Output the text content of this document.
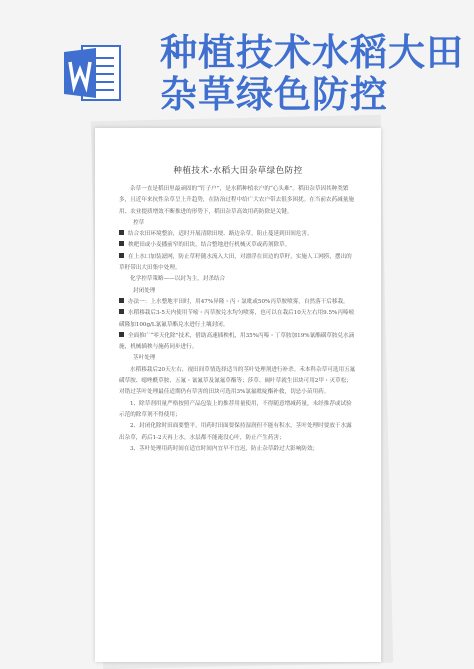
种植技术水稻大田
杂草绿色防控
种植技术-水稻大田杂草绿色防控

杂草一直是稻田里最顽固的“钉子户”，是水稻种植农户的“心头难”。稻田杂草因其种类繁多，且近年来抗性杂草呈上升趋势，在防治过程中给广大农户带去很多困扰。在当前农药减量施用、农业提质增效不断推进的形势下，稻田杂草高效用药防除是关键。

控草

结合农田环境整治，适时开展清除田埂、路边杂草，阻止蔓延到田间危害。

秧耙田或小麦播前窄的田块，结合整地进行机械灭草或药剂除草。

在上水口加装滤网，防止草籽随水流入大田，对漂浮在田边的草籽，实施人工网捞，摆出的草籽带出大田集中处理。

化学控草策略——以封为主，封杀结合

封闭处理

办法一：上水整地平田时，用47%异隆・丙・氯吡或50%丙草胺喷雾，自然落干后移栽。

水稻移栽后3-5天内使用苄嘧・丙草胺兑水均匀喷雾，也可以在栽后10天左右用9.5%丙嗪嘧磺隆加100g/L氰氟草酯兑水进行土壤封闭。

全面推广“零天化除”技术，借助高速插秧机，用35%丙嗪・丁草胺加19%氰酯磺草胺兑水滴施，机械插秧与施药同步进行。

茎叶处理

水稻移栽后20天左右，视田间草情选择适当的茎叶处理剂进行补杀。禾本科杂草可选用五氟磺草胺、噁唑酰草胺、五氟・氰氟草及氰氟草酯等；莎草、阔叶草就生田块可用2甲・灭草松；对错过茎叶处理最佳适期仍有草害的田块可选用3%氯氟吡啶酯补救，切忌小苗用药。

1、除草剂用量严格按照产品包装上的推荐用量使用，不得随意增减药量，未经推荐或试验示范的除草剂不得使用；

2、封闭化除时田面要整平，用药时田面要保持湿润但不能有积水，茎叶处理时要放干水露出杂草，药后1-2天再上水，水层都不能淹没心叶，防止产生药害；

3、茎叶处理用药时间在适宜时间内宜早不宜迟，防止杂草龄过大影响防效；
